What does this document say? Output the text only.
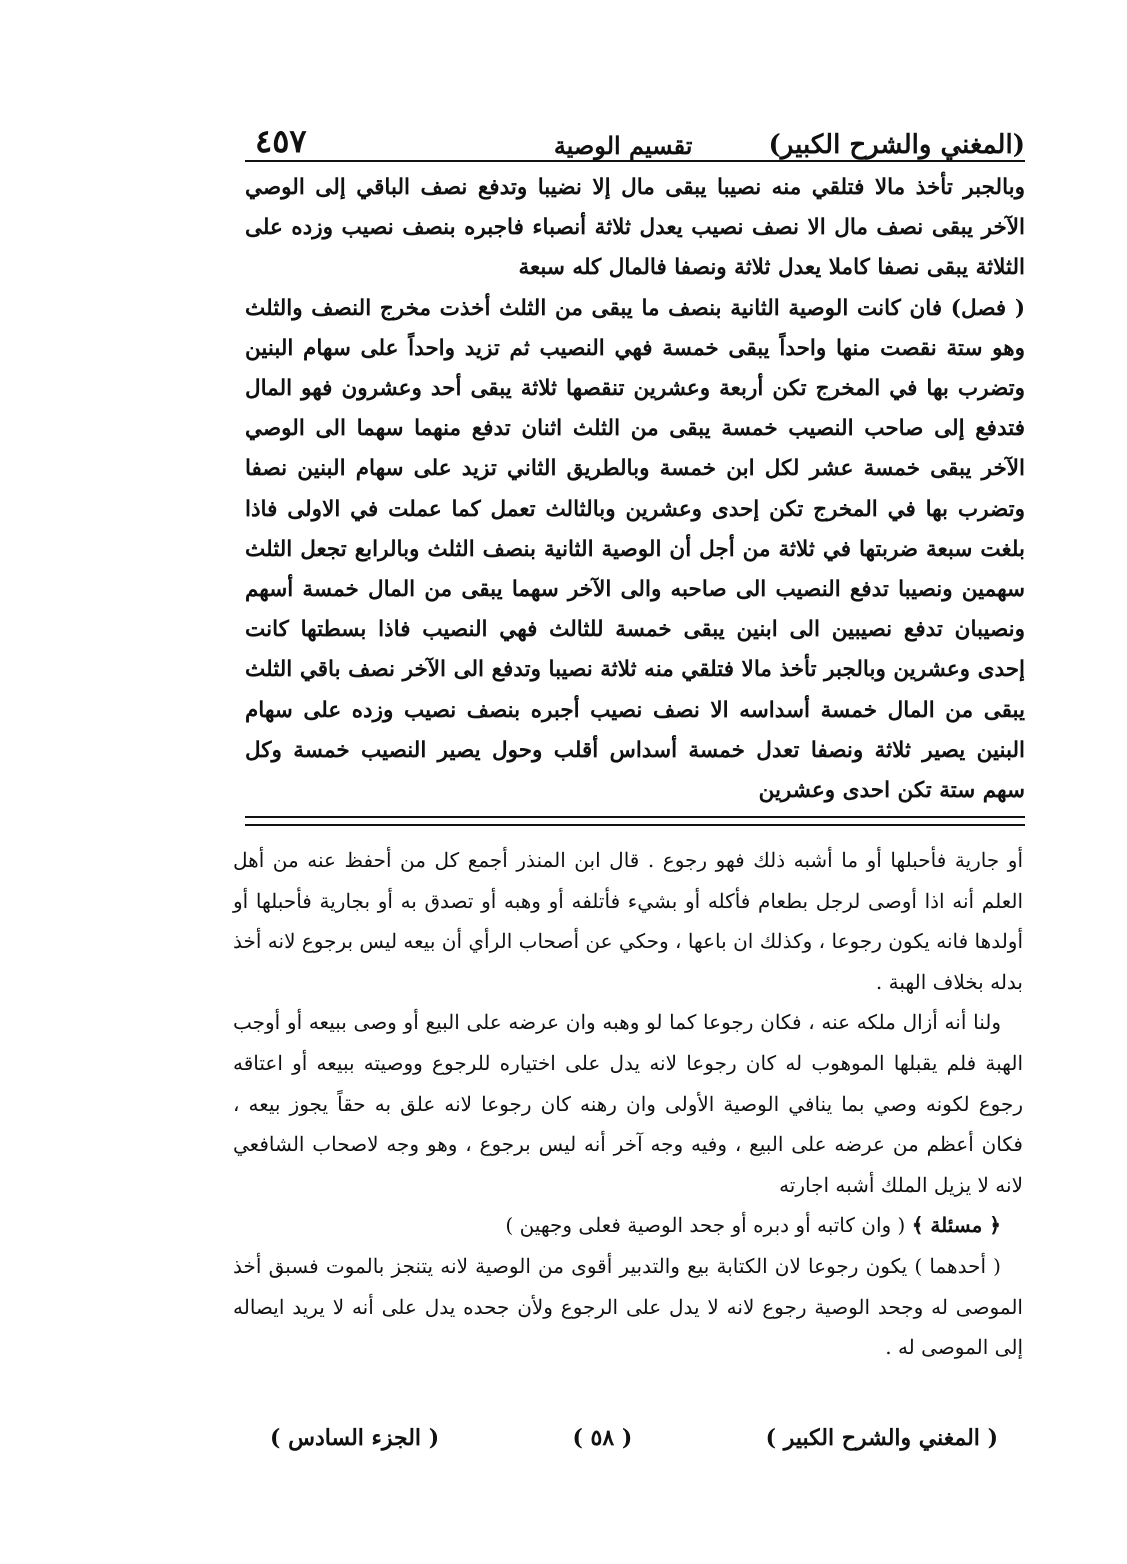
(المغني والشرح الكبير)
تقسيم الوصية
٤٥٧

وبالجبر تأخذ مالا فتلقي منه نصيبا يبقى مال إلا نضيبا وتدفع نصف الباقي إلى الوصي الآخر يبقى نصف مال الا نصف نصيب يعدل ثلاثة أنصباء فاجبره بنصف نصيب وزده على الثلاثة يبقى نصفا كاملا يعدل ثلاثة ونصفا فالمال كله سبعة

( فصل) فان كانت الوصية الثانية بنصف ما يبقى من الثلث أخذت مخرج النصف والثلث وهو ستة نقصت منها واحداً يبقى خمسة فهي النصيب ثم تزيد واحداً على سهام البنين وتضرب بها في المخرج تكن أربعة وعشرين تنقصها ثلاثة يبقى أحد وعشرون فهو المال فتدفع إلى صاحب النصيب خمسة يبقى من الثلث اثنان تدفع منهما سهما الى الوصي الآخر يبقى خمسة عشر لكل ابن خمسة وبالطريق الثاني تزيد على سهام البنين نصفا وتضرب بها في المخرج تكن إحدى وعشرين وبالثالث تعمل كما عملت في الاولى فاذا بلغت سبعة ضربتها في ثلاثة من أجل أن الوصية الثانية بنصف الثلث وبالرابع تجعل الثلث سهمين ونصيبا تدفع النصيب الى صاحبه والى الآخر سهما يبقى من المال خمسة أسهم ونصيبان تدفع نصيبين الى ابنين يبقى خمسة للثالث فهي النصيب فاذا بسطتها كانت إحدى وعشرين وبالجبر تأخذ مالا فتلقي منه ثلاثة نصيبا وتدفع الى الآخر نصف باقي الثلث يبقى من المال خمسة أسداسه الا نصف نصيب أجبره بنصف نصيب وزده على سهام البنين يصير ثلاثة ونصفا تعدل خمسة أسداس أقلب وحول يصير النصيب خمسة وكل سهم ستة تكن احدى وعشرين

أو جارية فأحبلها أو ما أشبه ذلك فهو رجوع . قال ابن المنذر أجمع كل من أحفظ عنه من أهل العلم أنه اذا أوصى لرجل بطعام فأكله أو بشيء فأتلفه أو وهبه أو تصدق به أو بجارية فأحبلها أو أولدها فانه يكون رجوعا ، وكذلك ان باعها ، وحكي عن أصحاب الرأي أن بيعه ليس برجوع لانه أخذ بدله بخلاف الهبة .

ولنا أنه أزال ملكه عنه ، فكان رجوعا كما لو وهبه وان عرضه على البيع أو وصى ببيعه أو أوجب الهبة فلم يقبلها الموهوب له كان رجوعا لانه يدل على اختياره للرجوع ووصيته ببيعه أو اعتاقه رجوع لكونه وصي بما ينافي الوصية الأولى وان رهنه كان رجوعا لانه علق به حقاً يجوز بيعه ، فكان أعظم من عرضه على البيع ، وفيه وجه آخر أنه ليس برجوع ، وهو وجه لاصحاب الشافعي لانه لا يزيل الملك أشبه اجارته

﴿ مسئلة ﴾ ( وان كاتبه أو دبره أو جحد الوصية فعلى وجهين )

( أحدهما ) يكون رجوعا لان الكتابة بيع والتدبير أقوى من الوصية لانه يتنجز بالموت فسبق أخذ الموصى له وجحد الوصية رجوع لانه لا يدل على الرجوع ولأن جحده يدل على أنه لا يريد ايصاله إلى الموصى له .

( المغني والشرح الكبير )
( ٥٨ )
( الجزء السادس )
